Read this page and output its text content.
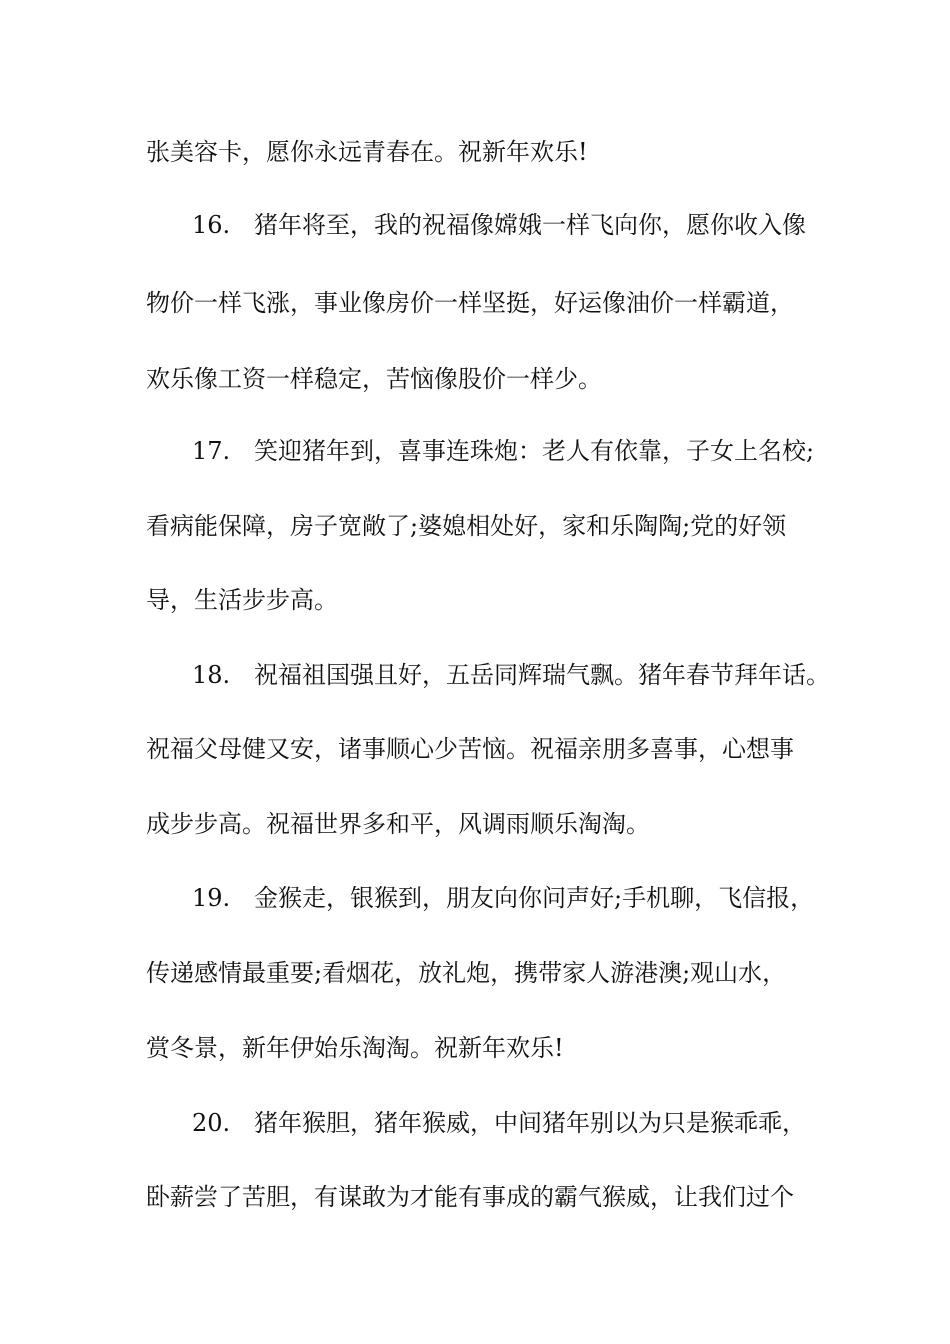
张美容卡，愿你永远青春在。祝新年欢乐!
16. 猪年将至，我的祝福像嫦娥一样飞向你，愿你收入像
物价一样飞涨，事业像房价一样坚挺，好运像油价一样霸道，
欢乐像工资一样稳定，苦恼像股价一样少。
17. 笑迎猪年到，喜事连珠炮：老人有依靠，子女上名校;
看病能保障，房子宽敞了;婆媳相处好，家和乐陶陶;党的好领
导，生活步步高。
18. 祝福祖国强且好，五岳同辉瑞气飘。猪年春节拜年话。
祝福父母健又安，诸事顺心少苦恼。祝福亲朋多喜事，心想事
成步步高。祝福世界多和平，风调雨顺乐淘淘。
19. 金猴走，银猴到，朋友向你问声好;手机聊，飞信报，
传递感情最重要;看烟花，放礼炮，携带家人游港澳;观山水，
赏冬景，新年伊始乐淘淘。祝新年欢乐!
20. 猪年猴胆，猪年猴威，中间猪年别以为只是猴乖乖，
卧薪尝了苦胆，有谋敢为才能有事成的霸气猴威，让我们过个
